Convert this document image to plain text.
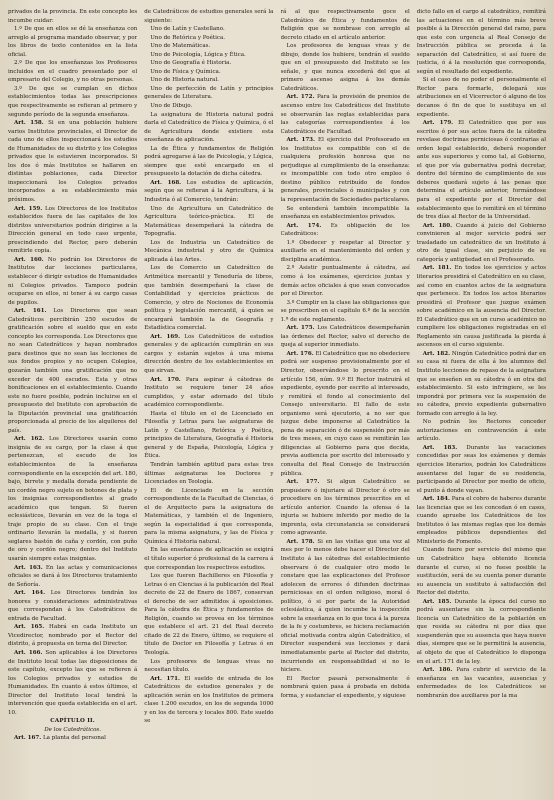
privados de la provincia. En este concepto les incumbe cuidar:

1.º De que en ellos se dé la enseñanza con arreglo al programa mandado observar, y por los libros de texto contenidos en la lista oficial.

2.º De que los enseñanzas los Profesores incluidos en el cuadro presentado por el empresario del Colegio, y no otras personas.

3.º De que se cumplan en dichos establecimientos todas las prescripciones que respectivamente se refieran al primero y segundo período de la segunda enseñanza.

Art. 158. Si en una población hubiere varios Institutos provinciales, el Director de cada uno de ellos inspeccionará los estudios de Humanidades de su distrito y los Colegios privados que le estuvieren incorporados. Si los dos ó más Institutos se hallaren en distintas poblaciones, cada Director inspeccionará los Colegios privados incorporados a su establecimiento más próximos.

Art. 159. Los Directores de los Institutos establecidos fuera de las capitales de los distritos universitarios podrán dirigirse a la Dirección general en todo caso urgente, prescindiendo del Rector, pero deberán remitirle copia.

Art. 160. No podrán los Directores de Institutos dar lecciones particulares, establecer ó dirigir estudios de Humanidades ni Colegios privados. Tampoco podrán ocuparse en ellos, ni tener á su cargo casas de pupilos.

Art. 161. Los Directores que sean Catedráticos percibirán 250 escudos de gratificación sobre el sueldo que en este concepto les corresponda. Los Directores que no sean Catedráticos y hayan nombrados para destinos que no sean las lecciones de sus fondos propios y no ocupen Colegios, gozarán también una gratificación que no exceder de 400 escudos. Esta y otras bonificaciones en el establecimiento. Cuando este no fuere posible, podrán incluirse en el presupuesto del Instituto con aprobación de la Diputación provincial una gratificación proporcionada al precio de los alquileres del país.

Art. 162. Los Directores usarán como insignia de su cargo, por la clase á que pertenezcan, el escudo de los establecimientos de la enseñanza correspondiente en la excepción del art. 180, bajo, birrete y medalla dorada pendiente de un cordón negro sujeto en botones de plata y los insignias correspondientes al grado académico que tengan. Si fueren eclesiásticos, llevarán en vez de la toga el traje propio de su clase. Con el traje ordinario llevarán la medalla, y si fueren seglares bastón de caña y cordón, con puño de oro y cordón negro; dentro del Instituto usarán siempre estas insignias.

Art. 163. En las actas y comunicaciones oficiales se dará á los Directores tratamiento de Señoría.

Art. 164. Los Directores tendrán los honores y consideraciones administrativas que correspondan á los Catedráticos de entrada de Facultad.

Art. 165. Habrá en cada Instituto un Vicedirector, nombrado por el Rector del distrito, á propuesta en terna del Director.

Art. 166. Son aplicables á los Directores de Instituto local todas las disposiciones de este capítulo, excepto las que se refieren á los Colegios privados y estudios de Humanidades. En cuanto á estos últimos, el Director del Instituto local tendrá la intervención que queda establecida en el art. 10.

CAPÍTULO II.

De los Catedráticos.

Art. 167. La planta del personal

de Catedráticos de estudios generales será la siguiente:

Uno de Latín y Castellano.

Uno de Retórica y Poética.

Uno de Matemáticas.

Uno de Psicología, Lógica y Ética.

Uno de Geografía é Historia.

Uno de Física y Química.

Uno de Historia natural.

Uno de perfección de Latín y principios generales de Literatura.

Uno de Dibujo.

La asignatura de Historia natural podrá darla el Catedrático de Física y Química, ó el de Agricultura donde existiere esta enseñanza de aplicación.

La de Ética y fundamentos de Religión podrá agregarse á las de Psicología, y Lógica, siempre que esté encargado en el presupuesto la dotación de dicha cátedra.

Art. 168. Los estudios de aplicación, según que se refieran á la Agricultura, á la Industria ó al Comercio, tendrán:

Uno de Agricultura un Catedrático de Agricultura teórico-práctica. El de Matemáticas desempeñará la cátedra de Topografía.

Los de Industria un Catedrático de Mecánica industrial y otro de Química aplicada á las Artes.

Los de Comercio un Catedrático de Aritmética mercantil y Teneduría de libros, que también desempeñará la clase de Contabilidad y ejercicios prácticos de Comercio, y otro de Nociones de Economía política y legislación mercantil, á quien se encargará también la de Geografía y Estadística comercial.

Art. 169. Los Catedráticos de estudios generales y de aplicación cumplirán en sus cargos y estarán sujetos á una misma dirección dentro de los establecimientos en que sirvan.

Art. 170. Para aspirar á cátedras de Instituto se requiere tener 24 años cumplidos, y estar adornado del título académico correspondiente.

Hasta el título en el de Licenciado en Filosofía y Letras para las asignaturas de Latín y Castellano, Retórica y Poética, principios de Literatura, Geografía é Historia general y de España, Psicología, Lógica y Ética.

Tendrán también aptitud para estas tres últimas asignaturas los Doctores y Licenciados en Teología.

El de Licenciado en la sección correspondiente de la Facultad de Ciencias, ó el de Arquitecto para la asignatura de Matemáticas, y también el de Ingeniero, según la especialidad á que corresponda, para la misma asignatura, y las de Física y Química é Historia natural.

En las enseñanzas de aplicación se exigirá el título superior ó profesional de la carrera á que correspondan los respectivos estudios.

Los que fueren Bachilleres en Filosofía y Letras ó en Ciencias á la publicación del Real decreto de 22 de Enero de 1867, conservan el derecho de ser admitidos á oposiciones. Para la cátedra de Ética y fundamentos de Religión, cuando se provea en los términos que establece el art. 21 del Real decreto citado de 22 de Enero, último, se requiere el título de Doctor en Filosofía y Letras ó en Teología.

Los profesores de lenguas vivas no necesitan título.

Art. 171. El sueldo de entrada de los Catedráticos de estudios generales y de aplicación serán en los Institutos de primera clase 1.200 escudos, en los de segunda 1000 y en los de tercera y locales 800. Este sueldo se

rá al que respectivamente goce el Catedrático de Ética y fundamentos de Religión que se nombrase con arreglo al decreto citado en el artículo anterior.

Los profesores de lenguas vivas y de dibujo, donde los hubiere, tendrán el sueldo que en el presupuesto del Instituto se les señale, y que nunca excederá del que al primero ascenso asigna á los demás Catedráticos.

Art. 172. Para la provisión de premios de ascenso entre los Catedráticos del Instituto se observarán las reglas establecidas para las categorías correspondientes á los Catedráticos de Facultad.

Art. 173. El ejercicio del Profesorado en los Institutos es compatible con el de cualquiera profesión honrosa que no perjudique al cumplimiento de la enseñanza: es incompatible con todo otro empleo ó destino público retribuído de fondos generales, provinciales ó municipales y con la representación de Sociedades particulares.

Se entenderá también incompatible la enseñanza en establecimientos privados.

Art. 174. Es obligación de los Catedráticos:

1.º Obedecer y respetar al Director y auxiliarle en el mantenimiento del orden y disciplina académica.

2.º Asistir puntualmente á cátedra, así como á los exámenes, ejercicios juntas y demás actos oficiales á que sean convocados por el Director.

3.º Cumplir en la clase las obligaciones que se prescriben en el capítulo 6.º de la sección 1.ª de este reglamento.

Art. 175. Los Catedráticos desempeñarán las órdenes del Rector, salvo el derecho de queja al superior inmediato.

Art. 176. El Catedrático que no obedeciere podrá ser suspenso provisionalmente por el Director, observándose lo prescrito en el artículo 156, núm. 9.º El Rector instruirá el expediente, oyendo por escrito al interesado, y remitirá el fondo al conocimiento del Consejo universitario. El fallo de este organismo será ejecutorio, a no ser que juzgue debe imponerse al Catedrático la pena de separación ó de suspensión por más de tres meses, en cuyo caso se remitirán las diligencias al Gobierno para que decida, previa audiencia por escrito del interesado y consulta del Real Consejo de Instrucción pública.

Art. 177. Si algun Catedrático se propusiere ó injuriare al Director ó otro se procediere en los términos prescritos en el artículo anterior. Cuando la ofensa ó la injuria se hubiere inferido por medio de la imprenta, esta circunstancia se considerará como agravante.

Art. 178. Si en las visitas que una vez al mes por lo menos debe hacer el Director del Instituto á las cátedras del establecimiento observare ó de cualquier otro modo le constare que las explicaciones del Profesor adolecen de errores ó difunden doctrinas perniciosas en el orden religioso, moral ó político, ó si por parte de la Autoridad eclesiástica, á quien incumbe la inspección sobre la enseñanza en lo que toca á la pureza de la fe y costumbres, se hiciera reclamación oficial motivada contra algún Catedrático, el Director suspenderá sus lecciones y dará inmediatamente parte al Rector del distrito, incurriendo en responsabilidad si no lo hiciere.

El Rector pasará personalmente ó nombrará quien pasa á probada en debida forma, y sustanciar el expediente, y siguiese

dicto fallo en el cargo al catedrático, remitirá las actuaciones en el término más breve posible á la Dirección general del ramo, para que este con urgencia al Real Consejo de Instrucción pública se proceda á la separación del Catedrático, si así fuere de justicia, ó á la resolución que corresponda, según el resultado del expediente.

Si el caso de no poder el personalmente el Rector para formarle, delegará sus atribuciones en el Vicerrector ó alguno de los decanos ó fin de que lo sustituya en el expediente.

Art. 179. El Catedrático que por sus escritos ó por sus actos fuera de la cátedra revelase doctrinas perniciosas ó contrarias al orden legal establecido, deberá responder ante sus superiores y como tal, al Gobierno, el que por vía gubernativa podrá decretar, dentro del término de cumplimiento de sus deberes quedará sujeto á las penas que determina el artículo anterior, formándose para el expediente por el Director del establecimiento que lo remitirá en el término de tres días al Rector de la Universidad.

Art. 180. Cuando á juicio del Gobierno convinieren al mejor servicio podrá ser trasladado un catedrático de un Instituto á otro de igual clase, sin perjuicio de su categoría y antigüedad en el Profesorado.

Art. 181. En todos los ejercicios y actos literarios presidirá el Catedrático en su clase, así como en cuantos actos de la asignatura que pertenece. En todos los actos literarios presidirá el Profesor que juzgue exámen sobre académico en la ausencia del Director. El Catedrático que en un curso académico no cumpliere los obligaciones registradas en el Reglamento sin causa justificada la pierda á ascensos en el curso siguiente.

Art. 182. Ningún Catedrático podrá dar en su casa ni fuera de ella á los alumnos del Instituto lecciones de repaso de la asignatura que se enseñen en su cátedra ó en otra del establecimiento. Si esto infringiere, se les impondrá por primera vez la suspensión de su cátedra, previo expediente gubernativo formado con arreglo á la ley.

No podrán los Rectores conceder autorizaciones en contravención á este artículo.

Art. 183. Durante las vacaciones concedidas por seas los exámenes y demás ejercicios literarios, podrán los Catedráticos ausentarse del lugar de su residencia, participando al Director por medio de oficio, el punto á donde vayan.

Art. 184. Para el cobro de haberes durante las licencias que se les concedan ó en casos, cuando apruebe los Catedráticos de los Institutos ó las mismas reglas que los demás empleados públicos dependientes del Ministerio de Fomento.

Cuando fuere por servicio del mismo que un Catedrático haya obtenido licencia durante el curso, si no fuese posible la sustitución, será de su cuenta poner durante su ausencia un sustituto á satisfacción del Rector del distrito.

Art. 185. Durante la época del curso no podrá ausentarse sin la correspondiente licencia un Catedrático de la población en que resida su cátedra ni por días que suspenderán que su ausencia que haya nueve días, siempre que se le permitirá la ausencia, al objeto de que el Catedrático lo disponga en el art. 171 de la ley.

Art. 186. Para cubrir el servicio de la enseñanza en las vacantes, ausencias y enfermedades de los Catedráticos se nombrarán dos auxiliares por la ma
